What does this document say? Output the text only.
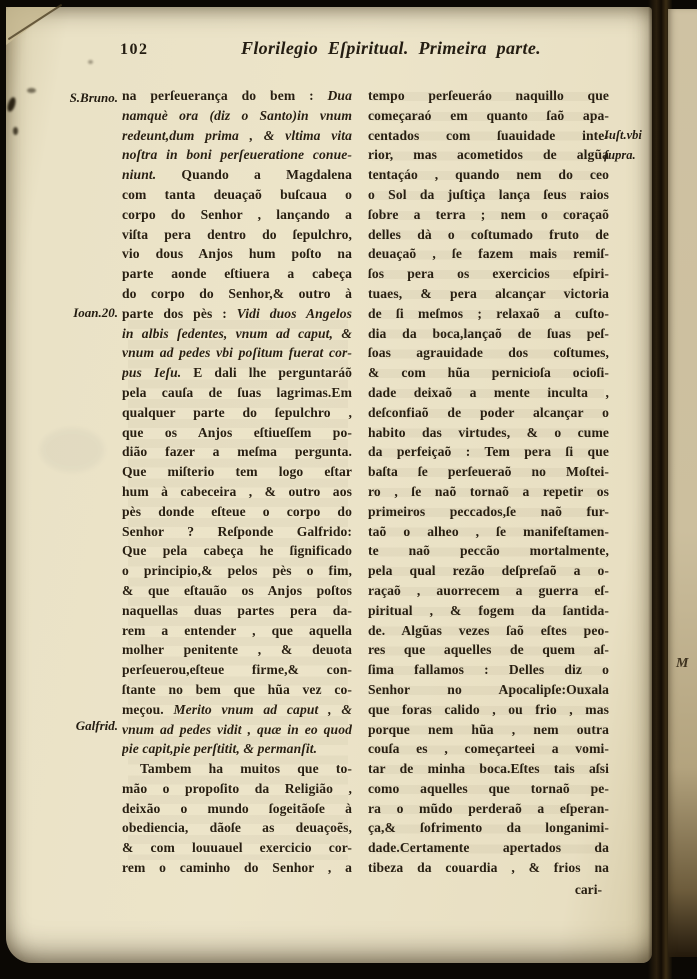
102	Florilegio Eſpiritual. Primeira parte.
S.Bruno.
Ioan.20.
Galfrid.
Iuſt.vbi
ſupra.
na perſeuerança do bem : Dua
namquè ora (diz o Santo)in vnum
redeunt,dum prima , & vltima vita
noſtra in boni perſeueratione conue-
niunt. Quando a Magdalena
com tanta deuaçaõ buſcaua o
corpo do Senhor , lançando a
viſta pera dentro do ſepulchro,
vio dous Anjos hum poſto na
parte aonde eſtiuera a cabeça
do corpo do Senhor,& outro à
parte dos pès : Vidi duos Angelos
in albis ſedentes, vnum ad caput, &
vnum ad pedes vbi poſitum fuerat cor-
pus Ieſu. E dali lhe perguntaráõ
pela cauſa de ſuas lagrimas.Em
qualquer parte do ſepulchro ,
que os Anjos eſtiueſſem po-
dião fazer a meſma pergunta.
Que miſterio tem logo eſtar
hum à cabeceira , & outro aos
pès donde eſteue o corpo do
Senhor ? Reſponde Galfrido:
Que pela cabeça he ſignificado
o principio,& pelos pès o fim,
& que eſtauão os Anjos poſtos
naquellas duas partes pera da-
rem a entender , que aquella
molher penitente , & deuota
perſeuerou,eſteue firme,& con-
ſtante no bem que hũa vez co-
meçou. Merito vnum ad caput , &
vnum ad pedes vidit , quæ in eo quod
pie capit,pie perſtitit, & permanſit.
Tambem ha muitos que to-
mão o propoſito da Religião ,
deixão o mundo ſogeitãoſe à
obediencia, dãoſe as deuaçoẽs,
& com louuauel exercicio cor-
rem o caminho do Senhor , a
tempo perſeueráo naquillo que
começaraó em quanto ſaõ apa-
centados com ſuauidade inte-
rior, mas acometidos de algũa
tentaçáo , quando nem do ceo
o Sol da juſtiça lança ſeus raios
ſobre a terra ; nem o coraçaõ
delles dà o coſtumado fruto de
deuaçaõ , ſe fazem mais remiſ-
ſos pera os exercicios eſpiri-
tuaes, & pera alcançar victoria
de ſi meſmos ; relaxaõ a cuſto-
dia da boca,lançaõ de ſuas peſ-
ſoas agrauidade dos coſtumes,
& com hũa pernicioſa ocioſi-
dade deixaõ a mente inculta ,
deſconfiaõ de poder alcançar o
habito das virtudes, & o cume
da perfeiçaõ : Tem pera ſi que
baſta ſe perſeueraõ no Moſtei-
ro , ſe naõ tornaõ a repetir os
primeiros peccados,ſe naõ fur-
taõ o alheo , ſe manifeſtamen-
te naõ peccão mortalmente,
pela qual rezão deſpreſaõ a o-
raçaõ , auorrecem a guerra eſ-
piritual , & fogem da ſantida-
de. Algũas vezes ſaõ eſtes peo-
res que aquelles de quem aſ-
ſima fallamos : Delles diz o
Senhor no Apocalipſe:Ouxala
que foras calido , ou frio , mas
porque nem hũa , nem outra
couſa es , começarteei a vomi-
tar de minha boca.Eſtes tais aſsi
como aquelles que tornaõ pe-
ra o mũdo perderaõ a eſperan-
ça,& ſofrimento da longanimi-
dade.Certamente apertados da
tibeza da couardia , & frios na
cari-
M
